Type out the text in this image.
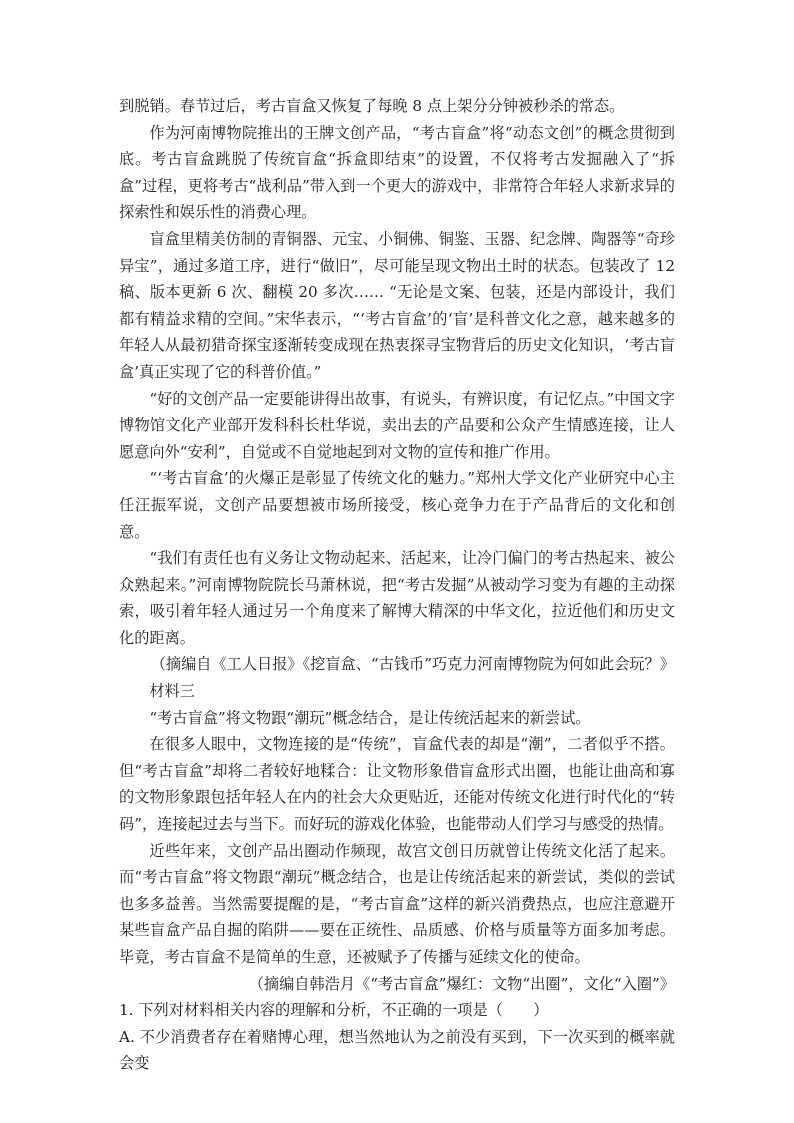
到脱销。春节过后，考古盲盒又恢复了每晚 8 点上架分分钟被秒杀的常态。

作为河南博物院推出的王牌文创产品，“考古盲盒”将“动态文创”的概念贯彻到底。考古盲盒跳脱了传统盲盒“拆盒即结束”的设置，不仅将考古发掘融入了“拆盒”过程，更将考古“战利品”带入到一个更大的游戏中，非常符合年轻人求新求异的探索性和娱乐性的消费心理。

盲盒里精美仿制的青铜器、元宝、小铜佛、铜鉴、玉器、纪念牌、陶器等“奇珍异宝”，通过多道工序，进行“做旧”，尽可能呈现文物出土时的状态。包装改了 12 稿、版本更新 6 次、翻模 20 多次…… “无论是文案、包装，还是内部设计，我们都有精益求精的空间。”宋华表示，“‘考古盲盒’的‘盲’是科普文化之意，越来越多的年轻人从最初猎奇探宝逐渐转变成现在热衷探寻宝物背后的历史文化知识，‘考古盲盒’真正实现了它的科普价值。”

“好的文创产品一定要能讲得出故事，有说头，有辨识度，有记忆点。”中国文字博物馆文化产业部开发科科长杜华说，卖出去的产品要和公众产生情感连接，让人愿意向外“安利”，自觉或不自觉地起到对文物的宣传和推广作用。

“‘考古盲盒’的火爆正是彰显了传统文化的魅力。”郑州大学文化产业研究中心主任汪振军说，文创产品要想被市场所接受，核心竞争力在于产品背后的文化和创意。

“我们有责任也有义务让文物动起来、活起来，让冷门偏门的考古热起来、被公众熟起来。”河南博物院院长马萧林说，把“考古发掘”从被动学习变为有趣的主动探索，吸引着年轻人通过另一个角度来了解博大精深的中华文化，拉近他们和历史文化的距离。

（摘编自《工人日报》《挖盲盒、“古钱币”巧克力河南博物院为何如此会玩？》

材料三

“考古盲盒”将文物跟“潮玩”概念结合，是让传统活起来的新尝试。

在很多人眼中，文物连接的是“传统”，盲盒代表的却是“潮”，二者似乎不搭。但“考古盲盒”却将二者较好地糅合：让文物形象借盲盒形式出圈，也能让曲高和寡的文物形象跟包括年轻人在内的社会大众更贴近，还能对传统文化进行时代化的“转码”，连接起过去与当下。而好玩的游戏化体验，也能带动人们学习与感受的热情。

近些年来，文创产品出圈动作频现，故宫文创日历就曾让传统文化活了起来。而“考古盲盒”将文物跟“潮玩”概念结合，也是让传统活起来的新尝试，类似的尝试也多多益善。当然需要提醒的是，“考古盲盒”这样的新兴消费热点，也应注意避开某些盲盒产品自掘的陷阱——要在正统性、品质感、价格与质量等方面多加考虑。毕竟，考古盲盒不是简单的生意，还被赋予了传播与延续文化的使命。

（摘编自韩浩月《“考古盲盒”爆红：文物“出圈”，文化“入圈”》

1. 下列对材料相关内容的理解和分析，不正确的一项是（　　）

A. 不少消费者存在着赌博心理，想当然地认为之前没有买到，下一次买到的概率就会变
